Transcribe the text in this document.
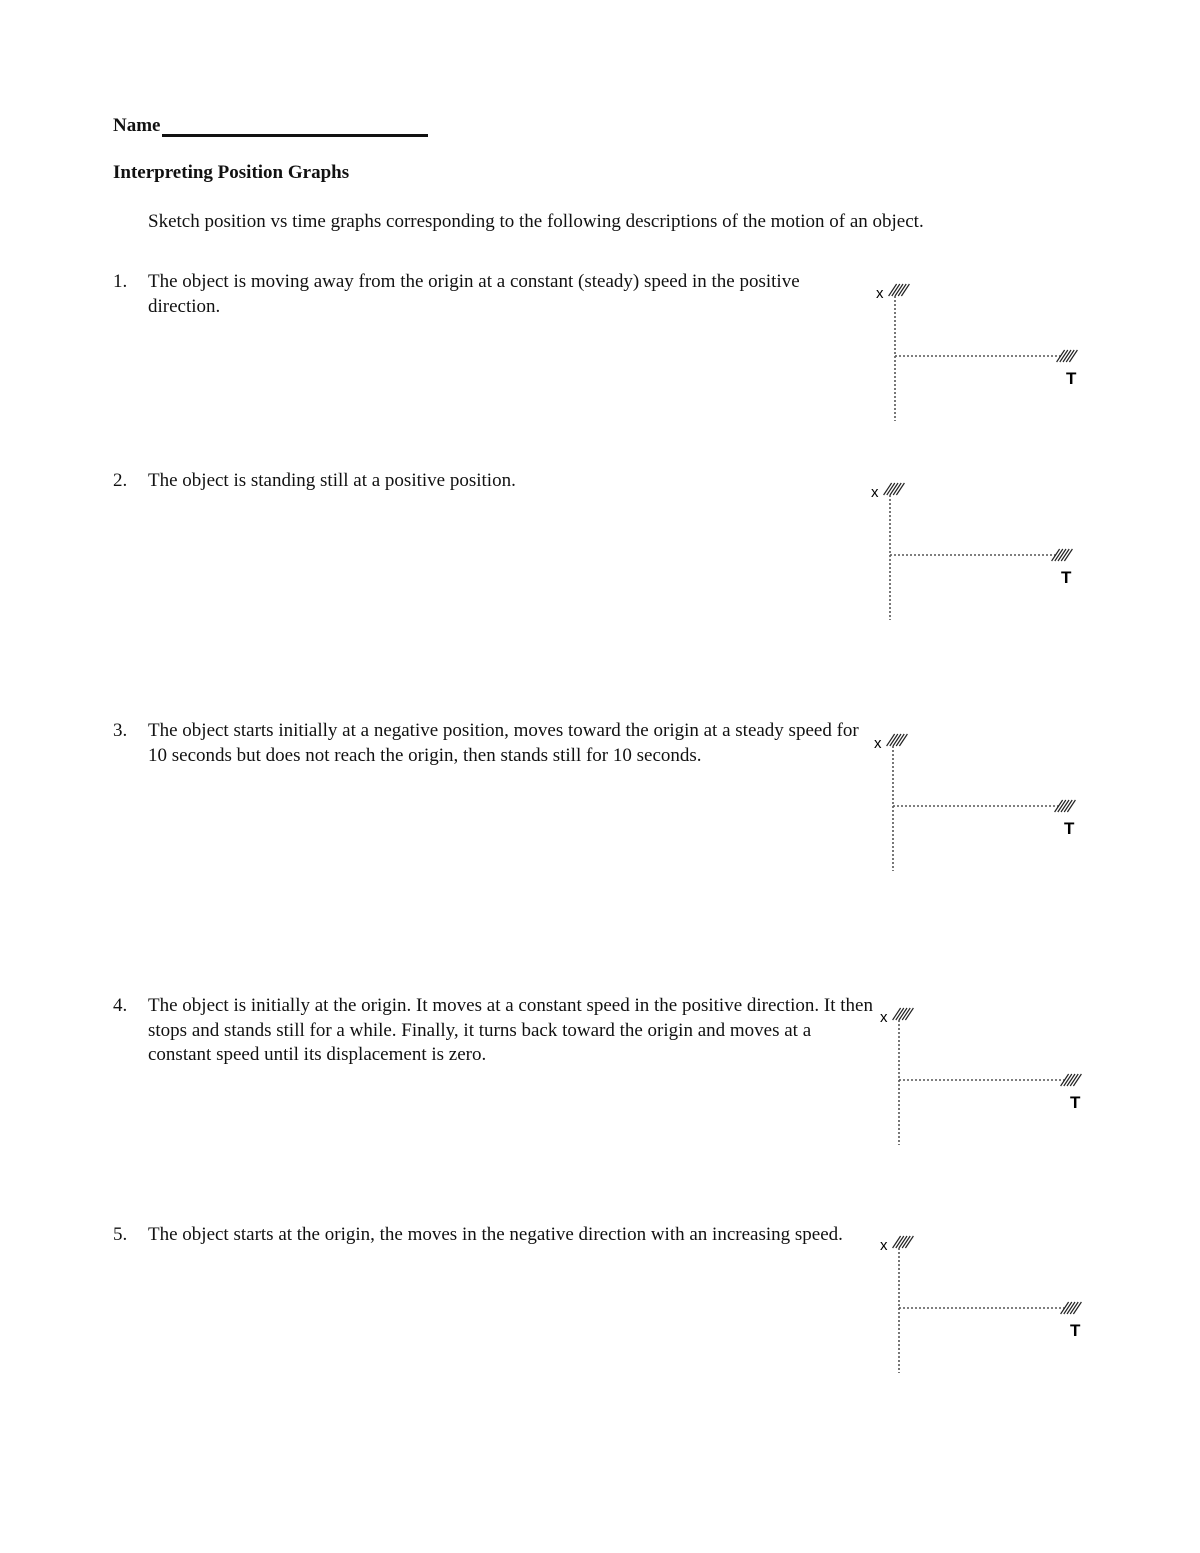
Name
Interpreting Position Graphs

Sketch position vs time graphs corresponding to the following descriptions of the motion of an object.

1. The object is moving away from the origin at a constant (steady) speed in the positive direction.
x
T
2. The object is standing still at a positive position.
x
T
3. The object starts initially at a negative position, moves toward the origin at a steady speed for 10 seconds but does not reach the origin, then stands still for 10 seconds.
x
T
4. The object is initially at the origin. It moves at a constant speed in the positive direction. It then stops and stands still for a while. Finally, it turns back toward the origin and moves at a constant speed until its displacement is zero.
x
T
5. The object starts at the origin, the moves in the negative direction with an increasing speed.
x
T
